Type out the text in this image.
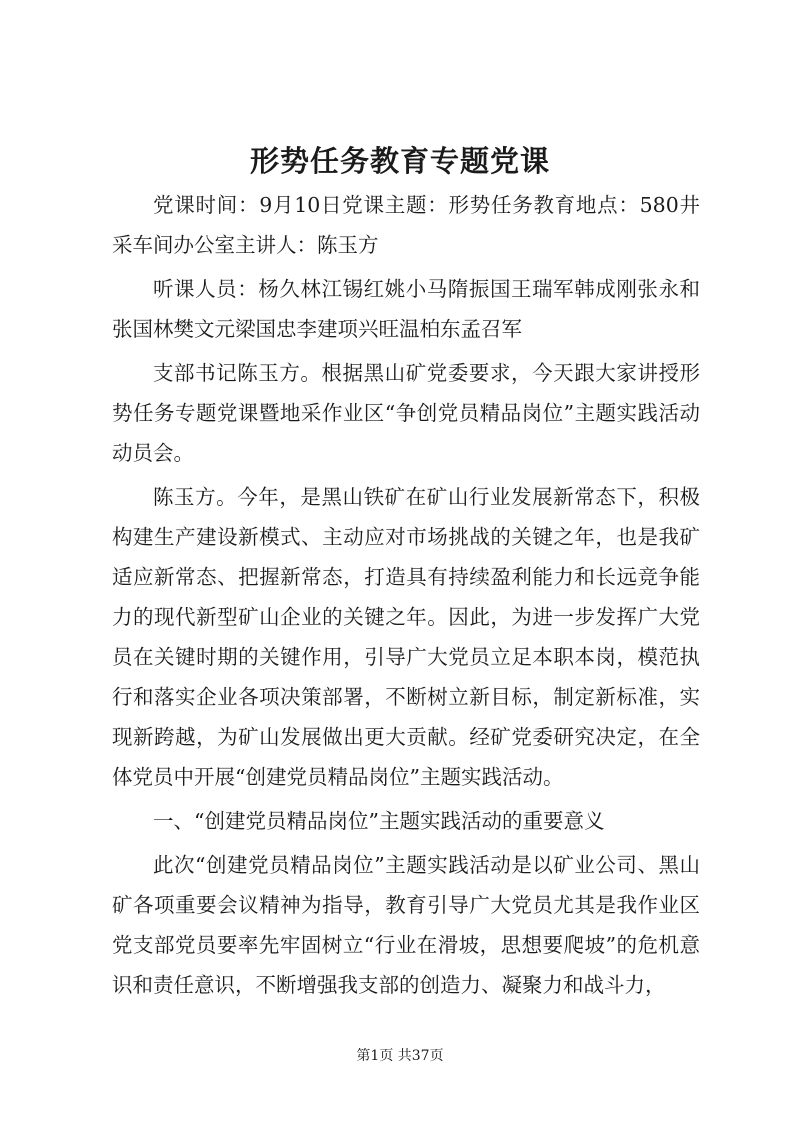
形势任务教育专题党课

党课时间：9月10日党课主题：形势任务教育地点：580井采车间办公室主讲人：陈玉方

听课人员：杨久林江锡红姚小马隋振国王瑞军韩成刚张永和张国林樊文元梁国忠李建项兴旺温柏东孟召军

支部书记陈玉方。根据黑山矿党委要求，今天跟大家讲授形势任务专题党课暨地采作业区“争创党员精品岗位”主题实践活动动员会。

陈玉方。今年，是黑山铁矿在矿山行业发展新常态下，积极构建生产建设新模式、主动应对市场挑战的关键之年，也是我矿适应新常态、把握新常态，打造具有持续盈利能力和长远竞争能力的现代新型矿山企业的关键之年。因此，为进一步发挥广大党员在关键时期的关键作用，引导广大党员立足本职本岗，模范执行和落实企业各项决策部署，不断树立新目标，制定新标准，实现新跨越，为矿山发展做出更大贡献。经矿党委研究决定，在全体党员中开展“创建党员精品岗位”主题实践活动。

一、“创建党员精品岗位”主题实践活动的重要意义

此次“创建党员精品岗位”主题实践活动是以矿业公司、黑山矿各项重要会议精神为指导，教育引导广大党员尤其是我作业区党支部党员要率先牢固树立“行业在滑坡，思想要爬坡”的危机意识和责任意识，不断增强我支部的创造力、凝聚力和战斗力，

第1页 共37页
